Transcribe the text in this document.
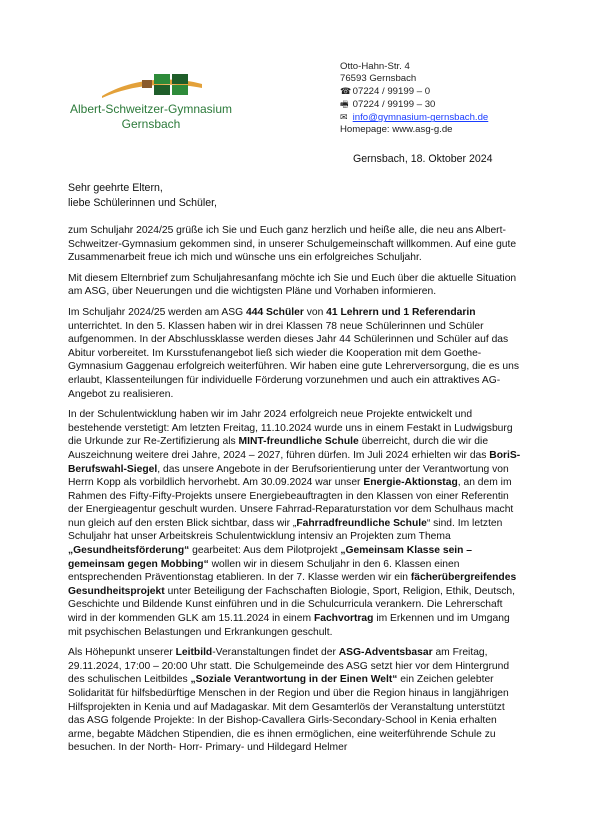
Albert-Schweitzer-Gymnasium
Gernsbach
Otto-Hahn-Str. 4
76593 Gernsbach
☎ 07224 / 99199 – 0
🖷 07224 / 99199 – 30
✉ info@gymnasium-gernsbach.de
Homepage: www.asg-g.de
Gernsbach, 18. Oktober 2024
Sehr geehrte Eltern,
liebe Schülerinnen und Schüler,

zum Schuljahr 2024/25 grüße ich Sie und Euch ganz herzlich und heiße alle, die neu ans Albert-Schweitzer-Gymnasium gekommen sind, in unserer Schulgemeinschaft willkommen. Auf eine gute Zusammenarbeit freue ich mich und wünsche uns ein erfolgreiches Schuljahr.

Mit diesem Elternbrief zum Schuljahresanfang möchte ich Sie und Euch über die aktuelle Situation am ASG, über Neuerungen und die wichtigsten Pläne und Vorhaben informieren.

Im Schuljahr 2024/25 werden am ASG 444 Schüler von 41 Lehrern und 1 Referendarin unterrichtet. In den 5. Klassen haben wir in drei Klassen 78 neue Schülerinnen und Schüler aufgenommen. In der Abschlussklasse werden dieses Jahr 44 Schülerinnen und Schüler auf das Abitur vorbereitet. Im Kursstufenangebot ließ sich wieder die Kooperation mit dem Goethe-Gymnasium Gaggenau erfolgreich weiterführen. Wir haben eine gute Lehrerversorgung, die es uns erlaubt, Klassenteilungen für individuelle Förderung vorzunehmen und auch ein attraktives AG-Angebot zu realisieren.

In der Schulentwicklung haben wir im Jahr 2024 erfolgreich neue Projekte entwickelt und bestehende verstetigt: Am letzten Freitag, 11.10.2024 wurde uns in einem Festakt in Ludwigsburg die Urkunde zur Re-Zertifizierung als MINT-freundliche Schule überreicht, durch die wir die Auszeichnung weitere drei Jahre, 2024 – 2027, führen dürfen. Im Juli 2024 erhielten wir das BoriS-Berufswahl-Siegel, das unsere Angebote in der Berufsorientierung unter der Verantwortung von Herrn Kopp als vorbildlich hervorhebt. Am 30.09.2024 war unser Energie-Aktionstag, an dem im Rahmen des Fifty-Fifty-Projekts unsere Energiebeauftragten in den Klassen von einer Referentin der Energieagentur geschult wurden. Unsere Fahrrad-Reparaturstation vor dem Schulhaus macht nun gleich auf den ersten Blick sichtbar, dass wir „Fahrradfreundliche Schule“ sind. Im letzten Schuljahr hat unser Arbeitskreis Schulentwicklung intensiv an Projekten zum Thema „Gesundheitsförderung“ gearbeitet: Aus dem Pilotprojekt „Gemeinsam Klasse sein – gemeinsam gegen Mobbing“ wollen wir in diesem Schuljahr in den 6. Klassen einen entsprechenden Präventionstag etablieren. In der 7. Klasse werden wir ein fächerübergreifendes Gesundheitsprojekt unter Beteiligung der Fachschaften Biologie, Sport, Religion, Ethik, Deutsch, Geschichte und Bildende Kunst einführen und in die Schulcurricula verankern. Die Lehrerschaft wird in der kommenden GLK am 15.11.2024 in einem Fachvortrag im Erkennen und im Umgang mit psychischen Belastungen und Erkrankungen geschult.

Als Höhepunkt unserer Leitbild-Veranstaltungen findet der ASG-Adventsbasar am Freitag, 29.11.2024, 17:00 – 20:00 Uhr statt. Die Schulgemeinde des ASG setzt hier vor dem Hintergrund des schulischen Leitbildes „Soziale Verantwortung in der Einen Welt“ ein Zeichen gelebter Solidarität für hilfsbedürftige Menschen in der Region und über die Region hinaus in langjährigen Hilfsprojekten in Kenia und auf Madagaskar. Mit dem Gesamterlös der Veranstaltung unterstützt das ASG folgende Projekte: In der Bishop-Cavallera Girls-Secondary-School in Kenia erhalten arme, begabte Mädchen Stipendien, die es ihnen ermöglichen, eine weiterführende Schule zu besuchen. In der North- Horr- Primary- und Hildegard Helmer
